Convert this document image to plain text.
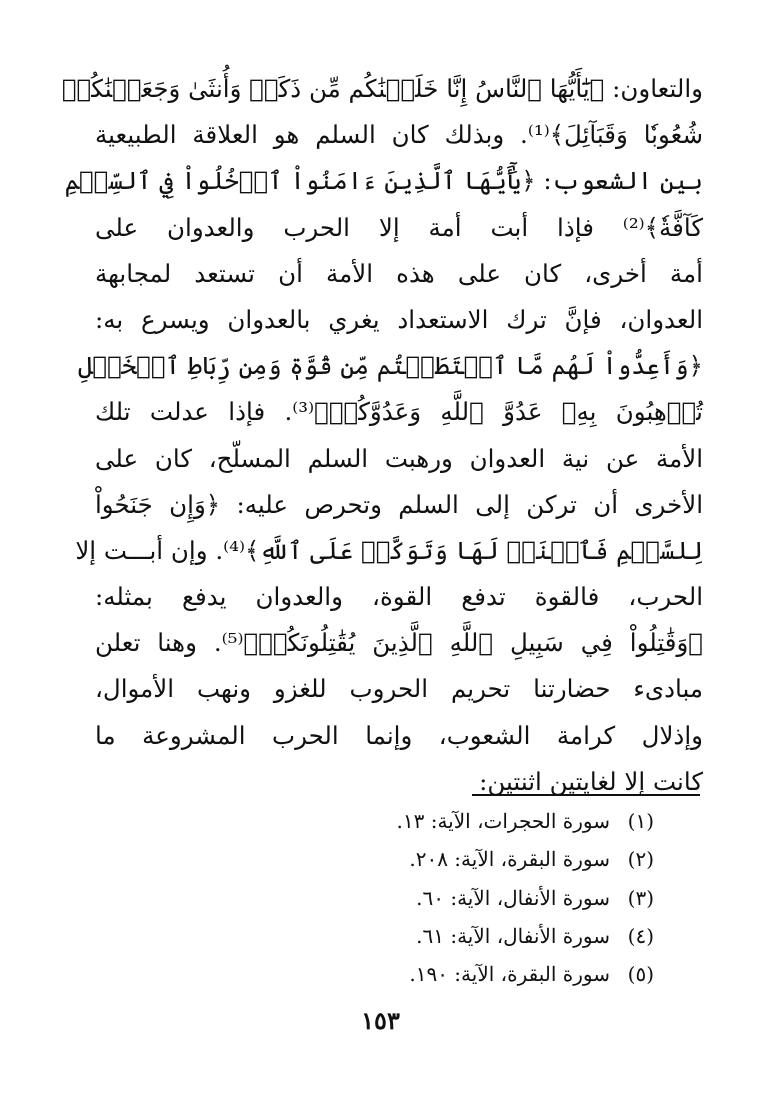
والتعاون: ﴿يَٰٓأَيُّهَا ٱلنَّاسُ إِنَّا خَلَقۡنَٰكُم مِّن ذَكَرٖ وَأُنثَىٰ وَجَعَلۡنَٰكُمۡ
شُعُوبٗا وَقَبَآئِلَ﴾⁽¹⁾. وبذلك كان السلم هو العلاقة الطبيعية
بين الشعوب: ﴿يَٰٓأَيُّهَا ٱلَّذِينَ ءَامَنُواْ ٱدۡخُلُواْ فِي ٱلسِّلۡمِ
كَآفَّةٗ﴾⁽²⁾ فإذا أبت أمة إلا الحرب والعدوان على
أمة أخرى، كان على هذه الأمة أن تستعد لمجابهة
العدوان، فإنَّ ترك الاستعداد يغري بالعدوان ويسرع به:
﴿وَأَعِدُّواْ لَهُم مَّا ٱسۡتَطَعۡتُم مِّن قُوَّةٖ وَمِن رِّبَاطِ ٱلۡخَيۡلِ
تُرۡهِبُونَ بِهِۦ عَدُوَّ ٱللَّهِ وَعَدُوَّكُمۡ﴾⁽³⁾. فإذا عدلت تلك
الأمة عن نية العدوان ورهبت السلم المسلّح، كان على
الأخرى أن تركن إلى السلم وتحرص عليه: ﴿وَإِن جَنَحُواْ
لِلسَّلۡمِ فَٱجۡنَحۡ لَهَا وَتَوَكَّلۡ عَلَى ٱللَّهِ﴾⁽⁴⁾. وإن أبـــت إلا
الحرب، فالقوة تدفع القوة، والعدوان يدفع بمثله:
﴿وَقَٰتِلُواْ فِي سَبِيلِ ٱللَّهِ ٱلَّذِينَ يُقَٰتِلُونَكُمۡ﴾⁽⁵⁾. وهنا تعلن
مبادىء حضارتنا تحريم الحروب للغزو ونهب الأموال،
وإذلال كرامة الشعوب، وإنما الحرب المشروعة ما
كانت إلا لغايتين اثنتين:
(١)
سورة الحجرات، الآية: ١٣.
(٢)
سورة البقرة، الآية: ٢٠٨.
(٣)
سورة الأنفال، الآية: ٦٠.
(٤)
سورة الأنفال، الآية: ٦١.
(٥)
سورة البقرة، الآية: ١٩٠.
١٥٣
